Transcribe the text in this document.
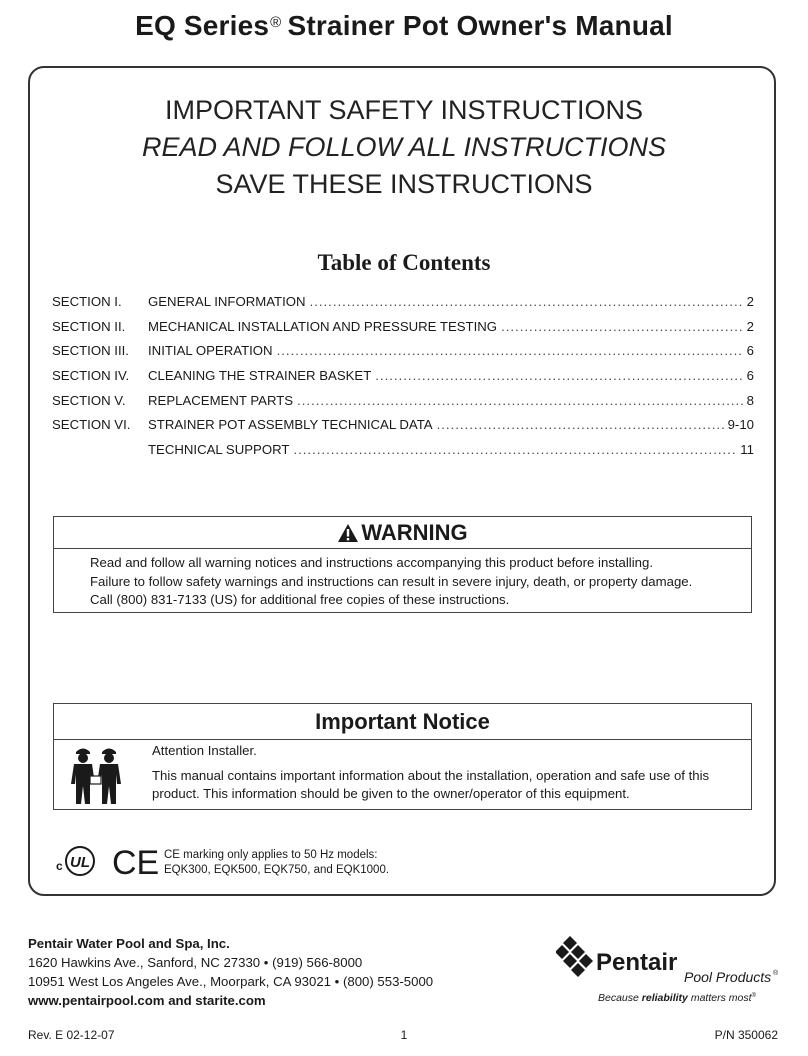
EQ Series® Strainer Pot Owner's Manual
IMPORTANT SAFETY INSTRUCTIONS
READ AND FOLLOW ALL INSTRUCTIONS
SAVE THESE INSTRUCTIONS
Table of Contents
SECTION I. GENERAL INFORMATION .....	2
SECTION II. MECHANICAL INSTALLATION AND PRESSURE TESTING .....	2
SECTION III. INITIAL OPERATION .....	6
SECTION IV. CLEANING THE STRAINER BASKET .....	6
SECTION V. REPLACEMENT PARTS .....	8
SECTION VI. STRAINER POT ASSEMBLY TECHNICAL DATA .....	9-10
TECHNICAL SUPPORT .....	11
WARNING
Read and follow all warning notices and instructions accompanying this product before installing.
Failure to follow safety warnings and instructions can result in severe injury, death, or property damage.
Call (800) 831-7133 (US) for additional free copies of these instructions.
Important Notice

Attention Installer.

This manual contains important information about the installation, operation and safe use of this product. This information should be given to the owner/operator of this equipment.

c UL CE CE marking only applies to 50 Hz models:
EQK300, EQK500, EQK750, and EQK1000.
Pentair Water Pool and Spa, Inc.
1620 Hawkins Ave., Sanford, NC 27330 • (919) 566-8000
10951 West Los Angeles Ave., Moorpark, CA 93021 • (800) 553-5000
www.pentairpool.com and starite.com
Pentair
Pool Products ®
Because reliability matters most®
Rev. E 02-12-07	1	P/N 350062
